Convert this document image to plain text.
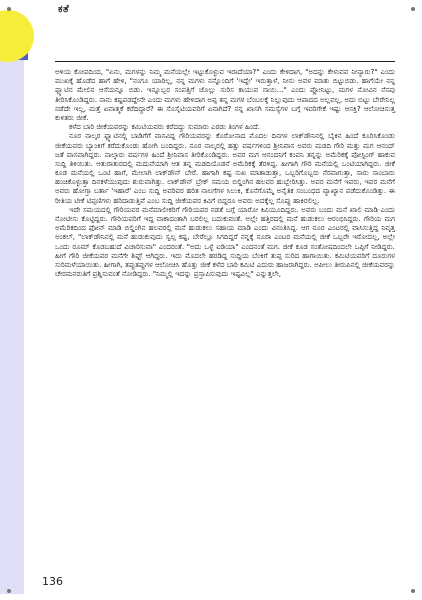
ಕತೆ

ಅಳಿಯ ಕೋಪದಿಂದ, "ಏನು, ಮಗಳನ್ನು ನಿಮ್ಮ ಮನೆಯಲ್ಲೇ ಇಟ್ಟುಕೊಳ್ಳುವ ಇರಾದೆಯಾ?" ಎಂದು ಕೇಳಿದಾಗ, "ಅದನ್ನು ಕೇಳುವವ ನೀನ್ಯಾರು?" ಎಂದು ಮುಖಕ್ಕೆ ಹೊಡೆದ ಹಾಗೆ ಹೇಳಿ, "ನಂಗೂ ಯಾರಿಲ್ಲ, ನನ್ನ ಮಗಳು ನನ್ನೊಂದಿಗೆ 'ಇದ್ದೇ' ಇರುತ್ತಾಳೆ, ನೀನು ಅವಳ ಮಾತು ಬಿಟ್ಟುಬಿಡು. ಹಾಗೆಯೇ ನನ್ನ ಫ್ಲ್ಯಾಟಿನ ಮೇಲಿನ ಆಸೆಯನ್ನೂ ಬಿಡು. ಇನ್ನೂಬ್ಬರ ಸಂಪತ್ತಿಗೆ ಜೊಲ್ಲು ಸುರಿಸ ಕಾಯುವ ನಾಯಿ..." ಎಂದು ಪ್ಲೋನಿಟ್ಟು, ಮಗಳ ನೋವಿನ ನೆನಪು ತೀರಿಸಿಕೊಂಡಿದ್ದರು. ನಾನು ಕಷ್ಟಪಡದ್ದೇನೇ ಎಂದು ಮಗಳು ಹೇಳಿದಾಗ ಅಪ್ಪ ತನ್ನ ಮಗಳ ಬೆಂಬಲಕ್ಕೆ ನಿಲ್ಲುವುದು ಆಪಾದದ ಅಲ್ಲವಲ್ಲ, ಅದು ಬಿಟ್ಟು ಬೇರೇನಿಲ್ಲ ನಡೆದೇ ಇಲ್ಲ, ಮತ್ತೆ ಏವಾತ್ಮಕೆ ಕರೆದಿದ್ದಾರೆ? ಈ ಸೊಸೈಟಿಯವರಿಗೆ ಏನಾಗಿದೆ? ನನ್ನ ಖಾಸಗಿ ಸಮಸ್ಯೆಗಳ ಬಗ್ಗೆ ಇವರಿಗೇಕೆ ಇಷ್ಟು ಆಸಕ್ತಿ? ಆಲೋಚಿಸುತ್ತ ಕುಳಿತರು ಜೀಕೆ.

ಕಳೆದ ಬಾರಿ ಜೀಕೆಯವರನ್ನು ಕಮಿಟಿಯವರು ಕರೆದದ್ದು ಸುಮಾರು ಎರಡು ತಿಂಗಳ ಹಿಂದೆ.

ನೂರ ನಾಲ್ಕರ ಫ್ಲ್ಯಾಟಿನಲ್ಲಿ ಬಾಡಿಗೆಗೆ ವಾಸವಿದ್ದ ಗೌರಿಯವರನ್ನು ಕೊರೋನಾದ ಮೊದಲ ದಿನಗಳ ಲಾಕ್‌ಡೌನಿನಲ್ಲಿ ಬೈಕಿನ ಹಿಂದೆ ಕೂರಿಸಿಕೊಂಡು ಜೀಕೆಯವರು ಬ್ಯಾಂಕಿಗೆ ಕರೆದುಕೊಂಡು ಹೋಗಿ ಬಂದಿದ್ದರು. ನೂರ ನಾಲ್ಕರಲ್ಲಿ ಹತ್ತು ವರ್ಷಗಳಿಂದ ಶ್ರೀನಿವಾಸ ಅವರು ಮಡದಿ ಗೌರಿ ಮತ್ತು ಮಗ ಆನಂದ್ ಜತೆ ವಾಸವಾಗಿದ್ದರು. ನಾಲ್ಕಾರು ವರ್ಷಗಳ ಹಿಂದೆ ಶ್ರೀನಿವಾಸ ತೀರಿಕೊಂಡಿದ್ದರು. ಅವರ ಮಗ ಆನಂದನಿಗೆ ಕಂಪನಿ ತನ್ನನ್ನು ಅಮೆರಿಕಕ್ಕೆ ಪೋಸ್ಟಿಂಗ್ ಹಾಕುವ ಸುದ್ದಿ ತಿಳಿಯಿತು. ಆತುರಾತುರದಲ್ಲಿ ಮದುವೆಯಾಗಿ ಆತ ತನ್ನ ಮಡದಿಯೊಡನೆ ಅಮೆರಿಕಕ್ಕೆ ತೆರಳಿದ್ದ. ಹೀಗಾಗಿ ಗೌರಿ ಮನೆಯಲ್ಲಿ ಒಂಟಿಯಾಗಿದ್ದರು. ಜೀಕೆ ಕೂಡ ಮನೆಯಲ್ಲಿ ಒಂಟಿ ಹಾಗೆ, ಮೇಲಾಗಿ ಲಾಕ್‌ಡೌನ್ ಬೇರೆ. ಹಾಗಾಗಿ ಕಷ್ಟ ಸುಖ ಮಾತಾಡುತ್ತಾ, ಒಬ್ಬರಿಗೊಬ್ಬರು ನೆರವಾಗುತ್ತಾ, ಸಾರು ಸಾಂಬಾರು ಹಂಚಿಕೊಳ್ಳುತ್ತಾ ದಿನಕಳೆಯುವುದು ಶುರುವಾಗಿತ್ತು. ಲಾಕ್‌ಡೌನ್ ಬ್ರೇಕ್ ಸಮಯ ಬಿಲ್ಡಿಂಗಿನ ಹಲವರ ಹುಬ್ಬೇರಿಸಿತ್ತು. ಅವರ ಮನೆಗೆ ಇವರು, ಇವರ ಮನೆಗೆ ಅವರು ಹೋಗ್ತಾ ಬರ್ತಾ 'ಇಹಾರೆ' ಎಂಬ ಸುದ್ದಿ ಅವರಿವರ ಹರಿತ ನಾಲಗೆಗಳ ಸಿಲುಕಿ, ಕೊನೆಗೊಮ್ಮೆ ಅನೈತಿಕ ಸಂಬಂಧದ ವ್ಯಾಖ್ಯಾನ ಪಡೆದುಕೊಂಡಿತ್ತು. ಈ ರೀತಿಯ ಟೀಕೆ ಟಿಪ್ಪಣಿಗಳು ಹರಿದಾಡುತ್ತಿವೆ ಎಂಬ ಸುದ್ದಿ ಜೀಕೆಯವರ ಕಿವಿಗೆ ಬಿದ್ದರೂ ಅವರು ಅದಕ್ಕೆಲ್ಲ ಸೊಪ್ಪು ಹಾಕಿರಲಿಲ್ಲ.

ಇದೇ ಸಮಯದಲ್ಲಿ ಗೌರಿಯವರ ಮನೆಮಾಲೀಕರಿಗೆ ಗೌರಿಯವರ ನಡತೆ ಬಗ್ಗೆ ಯಾರೋ ಕಿವಿಯೂದಿದ್ದರು. ಅವರು ಬಂದು ಮನೆ ಖಾಲಿ ಮಾಡಿ ಎಂದು ನೋಟೀಸು ಕೊಟ್ಟಿದ್ದರು. ಗೌರಿಯವರಿಗೆ ಇದ್ದ ವಾಕಾದಂತಾಗಿ ಬರಲಿಲ್ಲ ಬದುಕುವಂತೆ. ಅಲ್ಲೇ ಹತ್ತಿರದಲ್ಲಿ ಮನೆ ಹುಡುಕಲು ಆರಂಭಿಸಿದ್ದರು. ಗೌರಿಯ ಮಗ ಅಮೆರಿಕದಿಂದ ಫೋನ್ ಮಾಡಿ ಬಿಲ್ಡಿಂಗಿನ ಹಲವರಲ್ಲಿ ಮನೆ ಹುಡುಕಲು ಸಹಾಯ ಮಾಡಿ ಎಂದು ವಿನಂತಿಸಿದ್ದ. ಆಗ ನೂರ ಎಂಟರಲ್ಲಿ ವಾಸಿಸುತ್ತಿದ್ದ ನಿವೃತ್ತ ಅಂಕಲ್, "ಲಾಕ್‌ಡೌನಿನಲ್ಲಿ ಮನೆ ಹುಡುಕುವುದು ಸ್ವಲ್ಪ ಕಷ್ಟ, ಬೇರೆಲ್ಲೂ ಸಿಗದಿದ್ದರೆ ನನ್ನಕ್ಕೆ ನೂರಾ ಎಂಟರ ಮನೆಯಲ್ಲಿ ಜೀಕೆ ಒಬ್ಬರೇ ಇರೋದಲ್ಲ, ಅಲ್ಲೇ ಒಂದು ರೂಮ್ ಕೊಡಬಹುದೆ ವಿಚಾರಿಸುವಾ" ಎಂದರಂತೆ. "ಅದು ಒಳ್ಳೆ ಐಡಿಯಾ" ಎಂದನಂತೆ ಮಗ. ಜೀಕೆ ಕೂಡ ಸಂತೋಷದಿಂದಲೇ ಒಪ್ಪಿಗೆ ನೀಡಿದ್ದರು. ಹೀಗೆ ಗೌರಿ ಜೀಕೆಯವರ ಮನೆಗೇ ಶಿಫ್ಟ್ ಆಗಿದ್ದರು. ಇದು ಮೊದಲೇ ಹರಡಿದ್ದ ಸುದ್ದಿಯ ಬೆಂಕಿಗೆ ತುಪ್ಪ ಸುರಿದ ಹಾಗಾಯಿತು. ಕಮಿಟಿಯವರಿಗೆ ದೂರುಗಳ ಸುರಿಮಳೆಯಾಯಿತು. ಹೀಗಾಗಿ, ತಪ್ಪುತಪ್ಪುಗಳ ಆಲೋಚಿಸಿ ಹೊತ್ತು ಜೀಕೆ ಕಳೆದ ಬಾರಿ ಕಮಿಟಿ ಎದುರು ಹಾಜರಾಗಿದ್ದರು. ಅಪೀಲು ತೀರುಪಿನಲ್ಲಿ ಜೀಕೆಯವರನ್ನು ಚೇರಮನರುತಿಗೆ ಪ್ರಶ್ನಿಸುವಂತೆ ನೋಡಿದ್ದರು. "ನಿಮ್ಮಲ್ಲಿ ಇದನ್ನು ಪ್ರಸ್ತಾಪಿಸುವುದು ಇಷ್ಟವಿಲ್ಲ" ಎನ್ನುತ್ತಲೇ,

136
